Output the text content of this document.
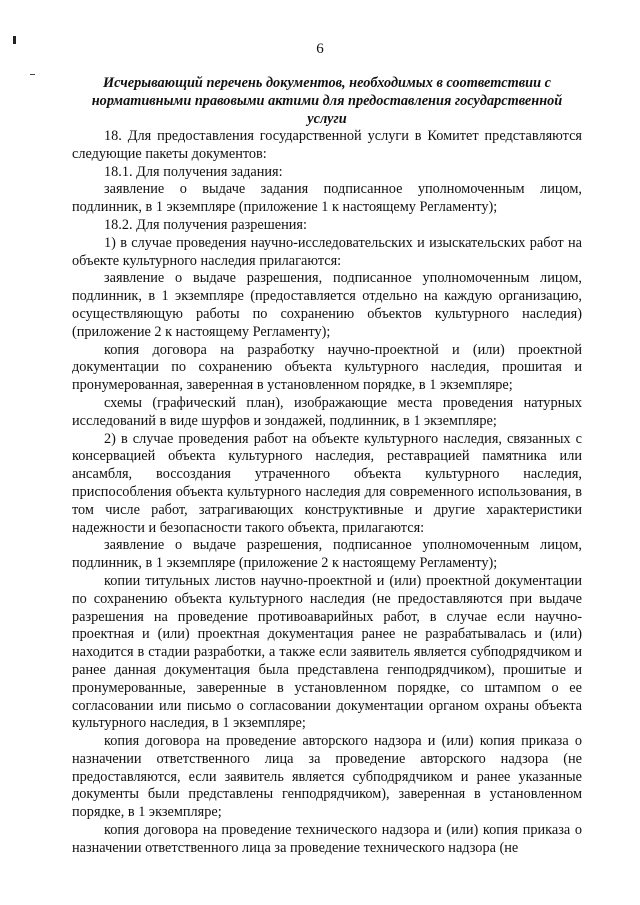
6
Исчерывающий перечень документов, необходимых в соответствии с нормативными правовыми актими для предоставления государственной услуги

18. Для предоставления государственной услуги в Комитет представляются следующие пакеты документов:

18.1. Для получения задания:

заявление о выдаче задания подписанное уполномоченным лицом, подлинник, в 1 экземпляре (приложение 1 к настоящему Регламенту);

18.2. Для получения разрешения:

1) в случае проведения научно-исследовательских и изыскательских работ на объекте культурного наследия прилагаются:

заявление о выдаче разрешения, подписанное уполномоченным лицом, подлинник, в 1 экземпляре (предоставляется отдельно на каждую организацию, осуществляющую работы по сохранению объектов культурного наследия) (приложение 2 к настоящему Регламенту);

копия договора на разработку научно-проектной и (или) проектной документации по сохранению объекта культурного наследия, прошитая и пронумерованная, заверенная в установленном порядке, в 1 экземпляре;

схемы (графический план), изображающие места проведения натурных исследований в виде шурфов и зондажей, подлинник, в 1 экземпляре;

2) в случае проведения работ на объекте культурного наследия, связанных с консервацией объекта культурного наследия, реставрацией памятника или ансамбля, воссоздания утраченного объекта культурного наследия, приспособления объекта культурного наследия для современного использования, в том числе работ, затрагивающих конструктивные и другие характеристики надежности и безопасности такого объекта, прилагаются:

заявление о выдаче разрешения, подписанное уполномоченным лицом, подлинник, в 1 экземпляре (приложение 2 к настоящему Регламенту);

копии титульных листов научно-проектной и (или) проектной документации по сохранению объекта культурного наследия (не предоставляются при выдаче разрешения на проведение противоаварийных работ, в случае если научно-проектная и (или) проектная документация ранее не разрабатывалась и (или) находится в стадии разработки, а также если заявитель является субподрядчиком и ранее данная документация была представлена генподрядчиком), прошитые и пронумерованные, заверенные в установленном порядке, со штампом о ее согласовании или письмо о согласовании документации органом охраны объекта культурного наследия, в 1 экземпляре;

копия договора на проведение авторского надзора и (или) копия приказа о назначении ответственного лица за проведение авторского надзора (не предоставляются, если заявитель является субподрядчиком и ранее указанные документы были представлены генподрядчиком), заверенная в установленном порядке, в 1 экземпляре;

копия договора на проведение технического надзора и (или) копия приказа о назначении ответственного лица за проведение технического надзора (не
